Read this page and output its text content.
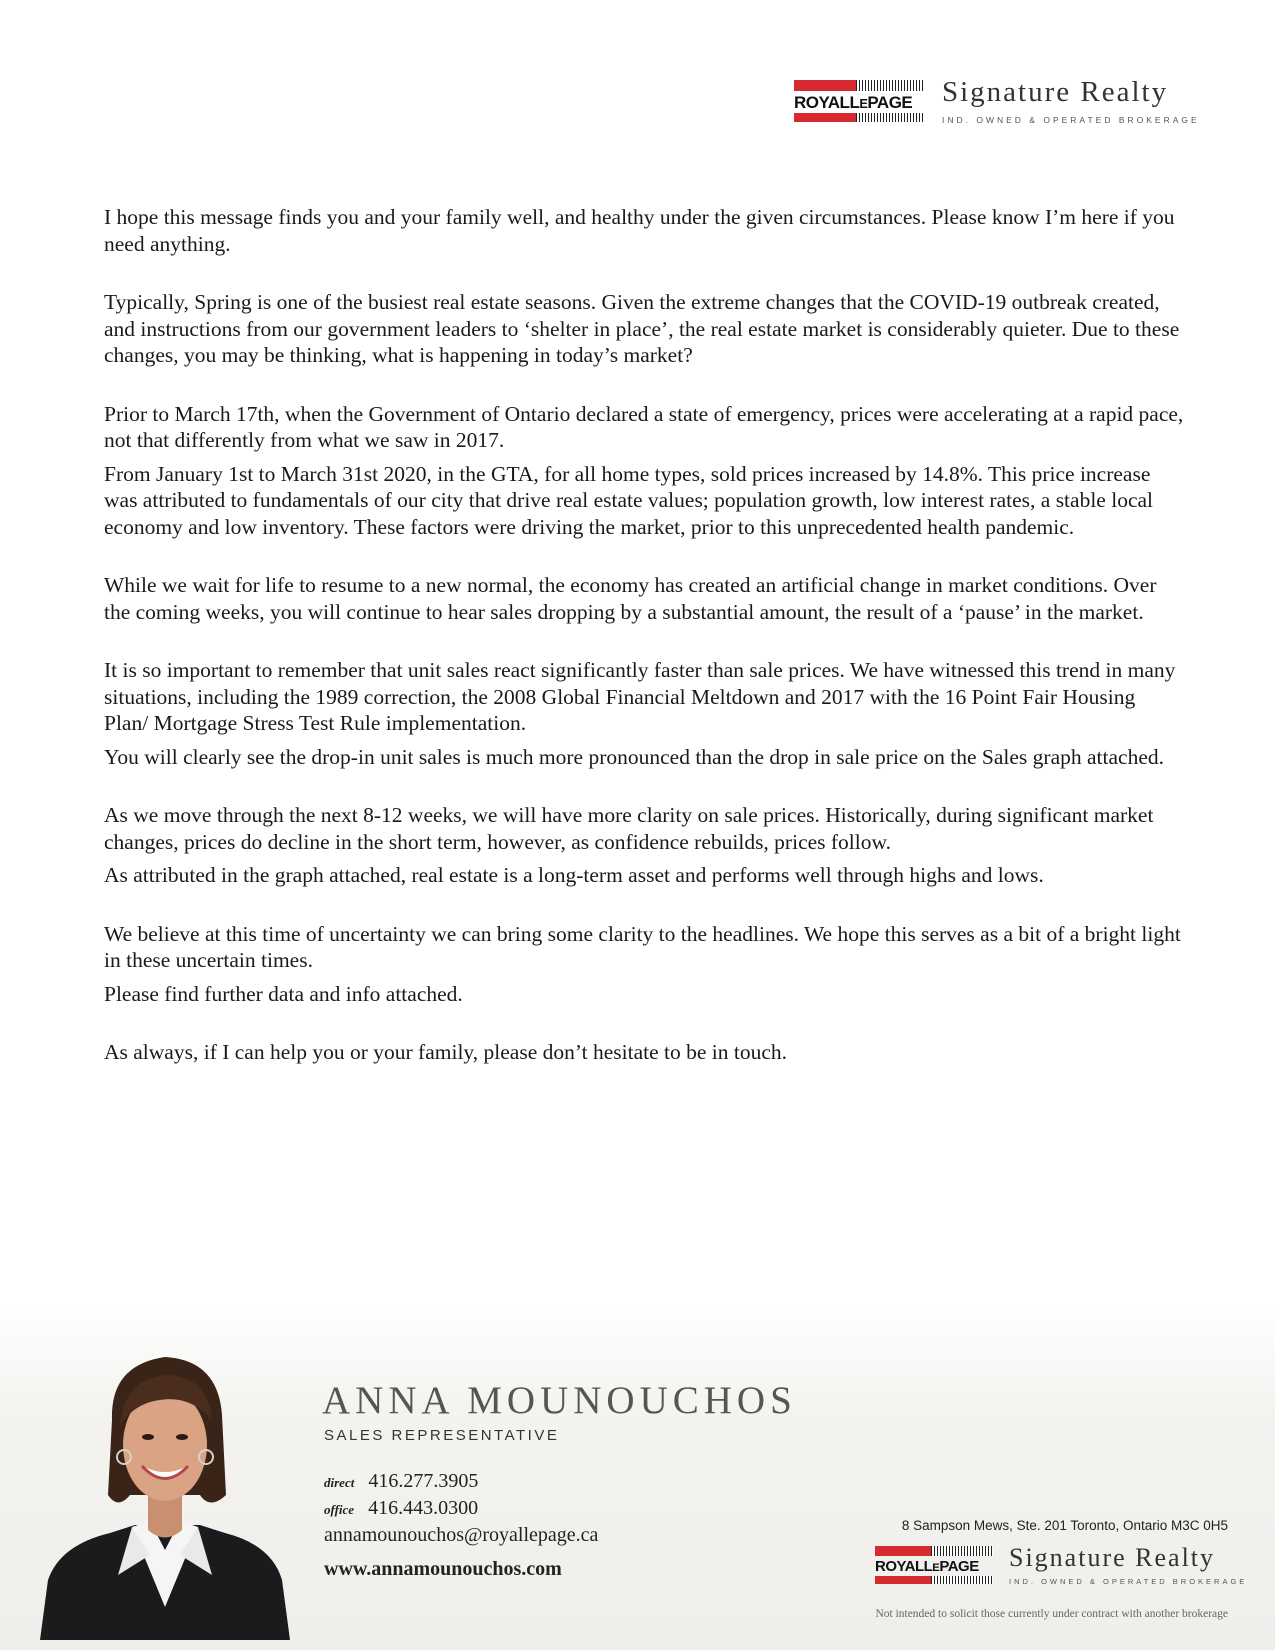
ROYALLEPAGE Signature Realty
IND. OWNED & OPERATED BROKERAGE

I hope this message finds you and your family well, and healthy under the given circumstances. Please know I’m here if you need anything.

Typically, Spring is one of the busiest real estate seasons. Given the extreme changes that the COVID-19 outbreak created, and instructions from our government leaders to ‘shelter in place’, the real estate market is considerably quieter. Due to these changes, you may be thinking, what is happening in today’s market?

Prior to March 17th, when the Government of Ontario declared a state of emergency, prices were accelerating at a rapid pace, not that differently from what we saw in 2017.

From January 1st to March 31st 2020, in the GTA, for all home types, sold prices increased by 14.8%. This price increase was attributed to fundamentals of our city that drive real estate values; population growth, low interest rates, a stable local economy and low inventory. These factors were driving the market, prior to this unprecedented health pandemic.

While we wait for life to resume to a new normal, the economy has created an artificial change in market conditions. Over the coming weeks, you will continue to hear sales dropping by a substantial amount, the result of a ‘pause’ in the market.

It is so important to remember that unit sales react significantly faster than sale prices. We have witnessed this trend in many situations, including the 1989 correction, the 2008 Global Financial Meltdown and 2017 with the 16 Point Fair Housing Plan/ Mortgage Stress Test Rule implementation.

You will clearly see the drop-in unit sales is much more pronounced than the drop in sale price on the Sales graph attached.

As we move through the next 8-12 weeks, we will have more clarity on sale prices. Historically, during significant market changes, prices do decline in the short term, however, as confidence rebuilds, prices follow.

As attributed in the graph attached, real estate is a long-term asset and performs well through highs and lows.

We believe at this time of uncertainty we can bring some clarity to the headlines. We hope this serves as a bit of a bright light in these uncertain times.

Please find further data and info attached.

As always, if I can help you or your family, please don’t hesitate to be in touch.

ANNA MOUNOUCHOS
SALES REPRESENTATIVE
direct 416.277.3905
office 416.443.0300
annamounouchos@royallepage.ca
www.annamounouchos.com
8 Sampson Mews, Ste. 201 Toronto, Ontario M3C 0H5
ROYALLEPAGE Signature Realty
IND. OWNED & OPERATED BROKERAGE
Not intended to solicit those currently under contract with another brokerage
